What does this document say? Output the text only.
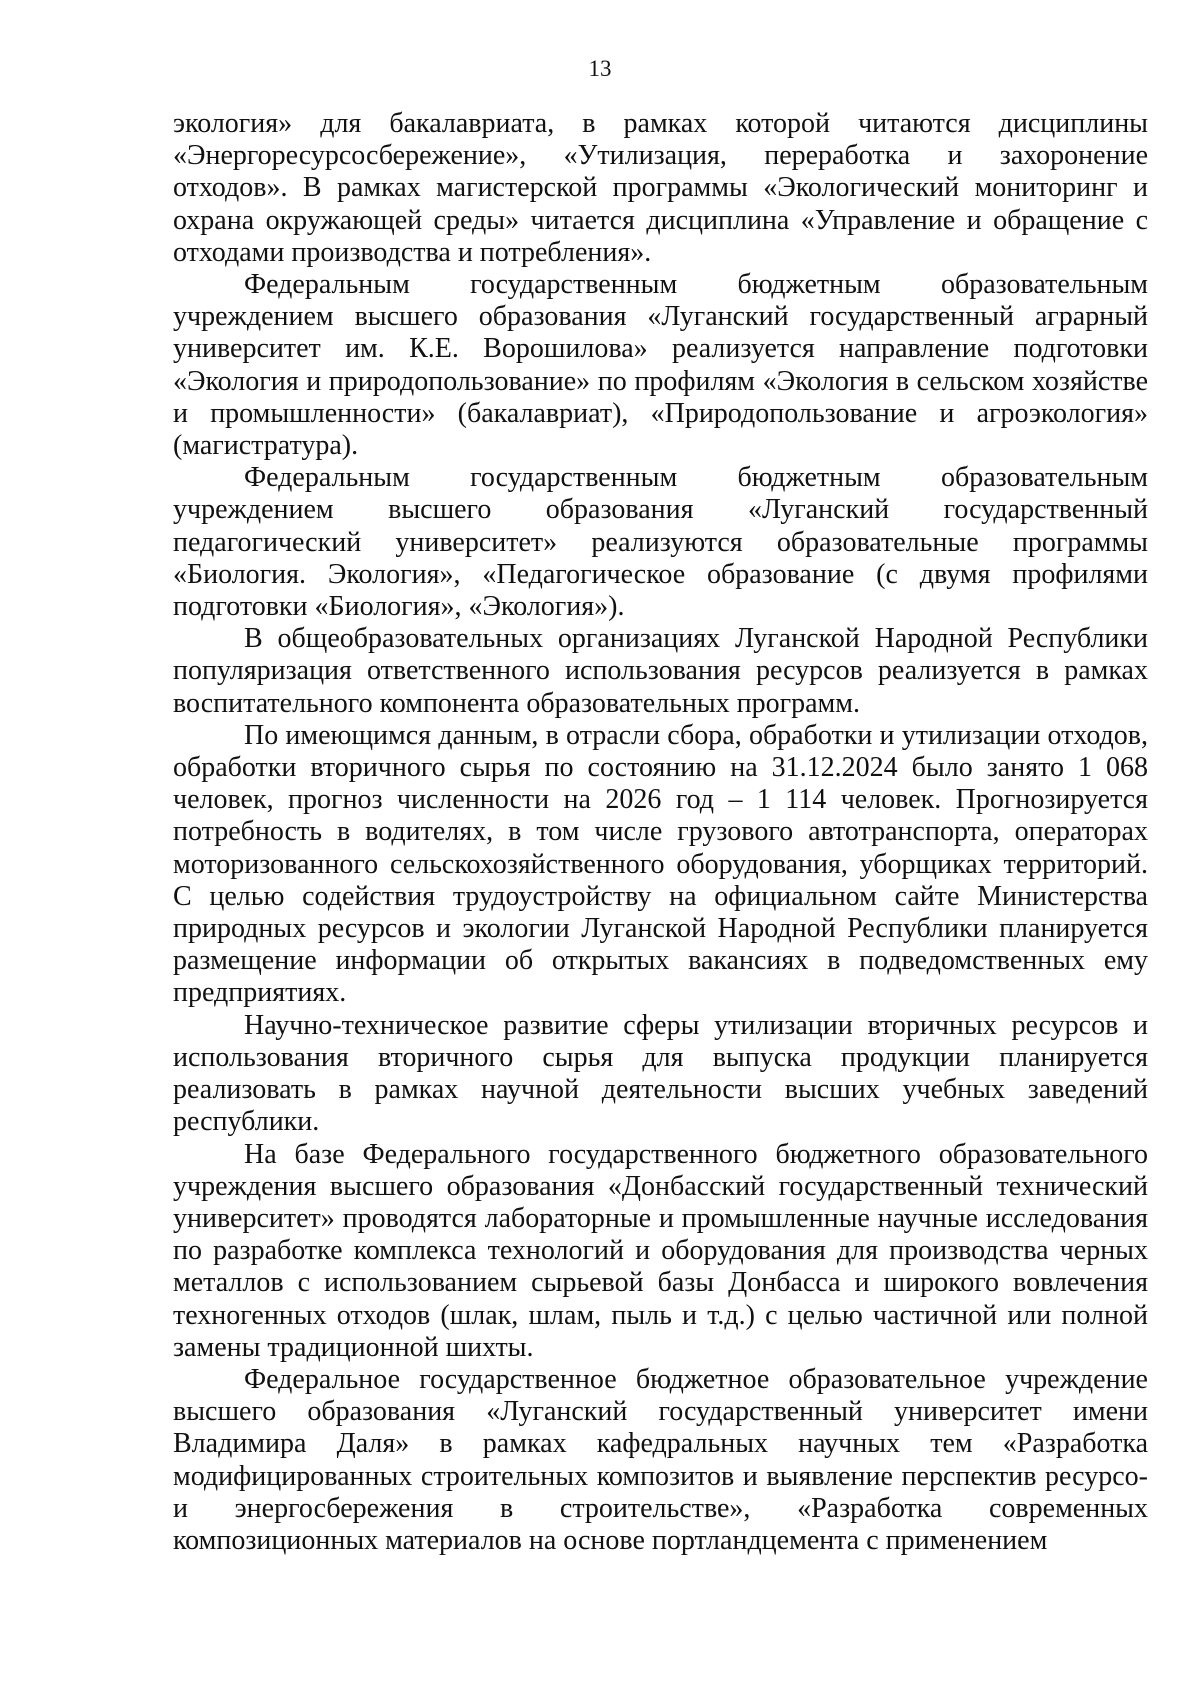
13

экология» для бакалавриата, в рамках которой читаются дисциплины «Энергоресурсосбережение», «Утилизация, переработка и захоронение отходов». В рамках магистерской программы «Экологический мониторинг и охрана окружающей среды» читается дисциплина «Управление и обращение с отходами производства и потребления».

Федеральным государственным бюджетным образовательным учреждением высшего образования «Луганский государственный аграрный университет им. К.Е. Ворошилова» реализуется направление подготовки «Экология и природопользование» по профилям «Экология в сельском хозяйстве и промышленности» (бакалавриат), «Природопользование и агроэкология» (магистратура).

Федеральным государственным бюджетным образовательным учреждением высшего образования «Луганский государственный педагогический университет» реализуются образовательные программы «Биология. Экология», «Педагогическое образование (с двумя профилями подготовки «Биология», «Экология»).

В общеобразовательных организациях Луганской Народной Республики популяризация ответственного использования ресурсов реализуется в рамках воспитательного компонента образовательных программ.

По имеющимся данным, в отрасли сбора, обработки и утилизации отходов, обработки вторичного сырья по состоянию на 31.12.2024 было занято 1 068 человек, прогноз численности на 2026 год – 1 114 человек. Прогнозируется потребность в водителях, в том числе грузового автотранспорта, операторах моторизованного сельскохозяйственного оборудования, уборщиках территорий. С целью содействия трудоустройству на официальном сайте Министерства природных ресурсов и экологии Луганской Народной Республики планируется размещение информации об открытых вакансиях в подведомственных ему предприятиях.

Научно-техническое развитие сферы утилизации вторичных ресурсов и использования вторичного сырья для выпуска продукции планируется реализовать в рамках научной деятельности высших учебных заведений республики.

На базе Федерального государственного бюджетного образовательного учреждения высшего образования «Донбасский государственный технический университет» проводятся лабораторные и промышленные научные исследования по разработке комплекса технологий и оборудования для производства черных металлов с использованием сырьевой базы Донбасса и широкого вовлечения техногенных отходов (шлак, шлам, пыль и т.д.) с целью частичной или полной замены традиционной шихты.

Федеральное государственное бюджетное образовательное учреждение высшего образования «Луганский государственный университет имени Владимира Даля» в рамках кафедральных научных тем «Разработка модифицированных строительных композитов и выявление перспектив ресурсо- и энергосбережения в строительстве», «Разработка современных композиционных материалов на основе портландцемента с применением
